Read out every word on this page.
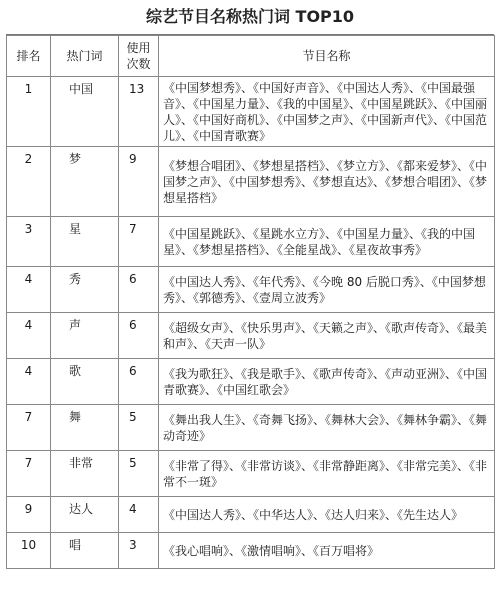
综艺节目名称热门词 TOP10
排名	热门词	使用次数	节目名称
1	中国	13	《中国梦想秀》、《中国好声音》、《中国达人秀》、《中国最强音》、《中国星力量》、《我的中国星》、《中国星跳跃》、《中国丽人》、《中国好商机》、《中国梦之声》、《中国新声代》、《中国范儿》、《中国青歌赛》
2	梦	9	《梦想合唱团》、《梦想星搭档》、《梦立方》、《都来爱梦》、《中国梦之声》、《中国梦想秀》、《梦想直达》、《梦想合唱团》、《梦想星搭档》
3	星	7	《中国星跳跃》、《星跳水立方》、《中国星力量》、《我的中国星》、《梦想星搭档》、《全能星战》、《星夜故事秀》
4	秀	6	《中国达人秀》、《年代秀》、《今晚 80 后脱口秀》、《中国梦想秀》、《郭德秀》、《壹周立波秀》
4	声	6	《超级女声》、《快乐男声》、《天籁之声》、《歌声传奇》、《最美和声》、《天声一队》
4	歌	6	《我为歌狂》、《我是歌手》、《歌声传奇》、《声动亚洲》、《中国青歌赛》、《中国红歌会》
7	舞	5	《舞出我人生》、《奇舞飞扬》、《舞林大会》、《舞林争霸》、《舞动奇迹》
7	非常	5	《非常了得》、《非常访谈》、《非常静距离》、《非常完美》、《非常不一斑》
9	达人	4	《中国达人秀》、《中华达人》、《达人归来》、《先生达人》
10	唱	3	《我心唱响》、《激情唱响》、《百万唱将》
